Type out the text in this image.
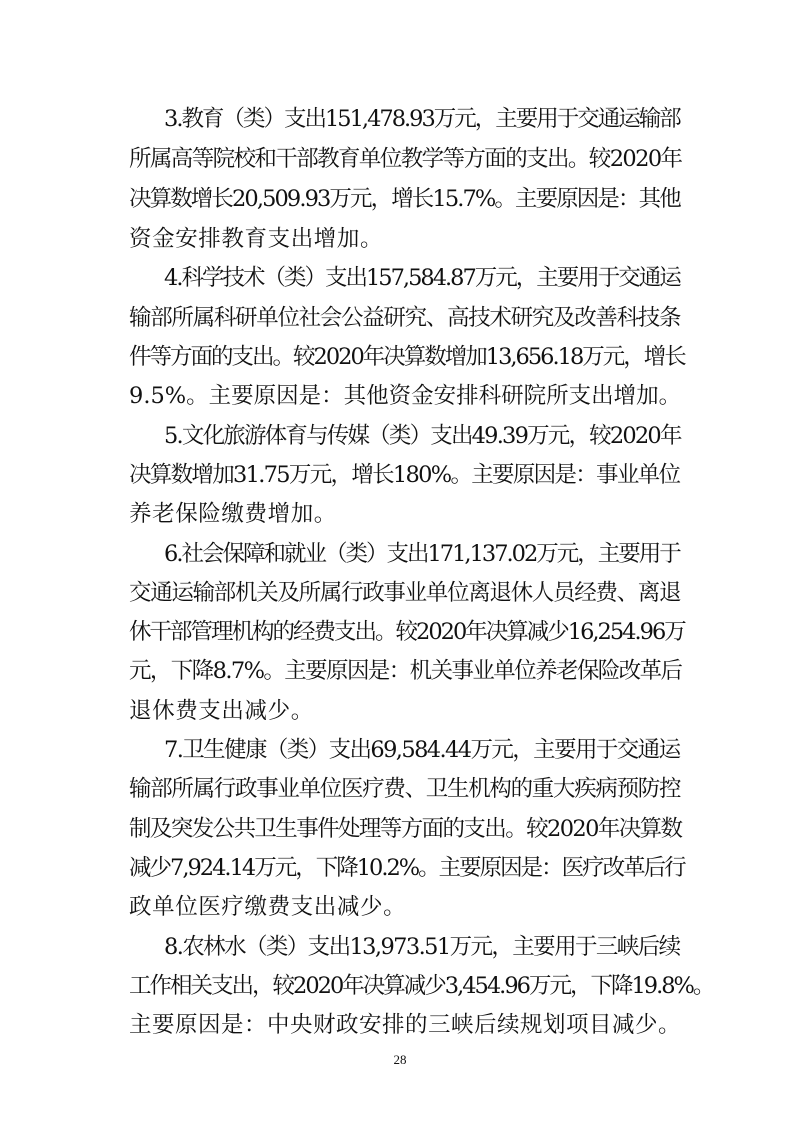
3.教育（类）支出151,478.93万元，主要用于交通运输部
所属高等院校和干部教育单位教学等方面的支出。较2020年
决算数增长20,509.93万元，增长15.7%。主要原因是：其他
资金安排教育支出增加。
4.科学技术（类）支出157,584.87万元，主要用于交通运
输部所属科研单位社会公益研究、高技术研究及改善科技条
件等方面的支出。较2020年决算数增加13,656.18万元，增长
9.5%。主要原因是：其他资金安排科研院所支出增加。
5.文化旅游体育与传媒（类）支出49.39万元，较2020年
决算数增加31.75万元，增长180%。主要原因是：事业单位
养老保险缴费增加。
6.社会保障和就业（类）支出171,137.02万元，主要用于
交通运输部机关及所属行政事业单位离退休人员经费、离退
休干部管理机构的经费支出。较2020年决算减少16,254.96万
元，下降8.7%。主要原因是：机关事业单位养老保险改革后
退休费支出减少。
7.卫生健康（类）支出69,584.44万元，主要用于交通运
输部所属行政事业单位医疗费、卫生机构的重大疾病预防控
制及突发公共卫生事件处理等方面的支出。较2020年决算数
减少7,924.14万元，下降10.2%。主要原因是：医疗改革后行
政单位医疗缴费支出减少。
8.农林水（类）支出13,973.51万元，主要用于三峡后续
工作相关支出，较2020年决算减少3,454.96万元，下降19.8%。
主要原因是：中央财政安排的三峡后续规划项目减少。
28
